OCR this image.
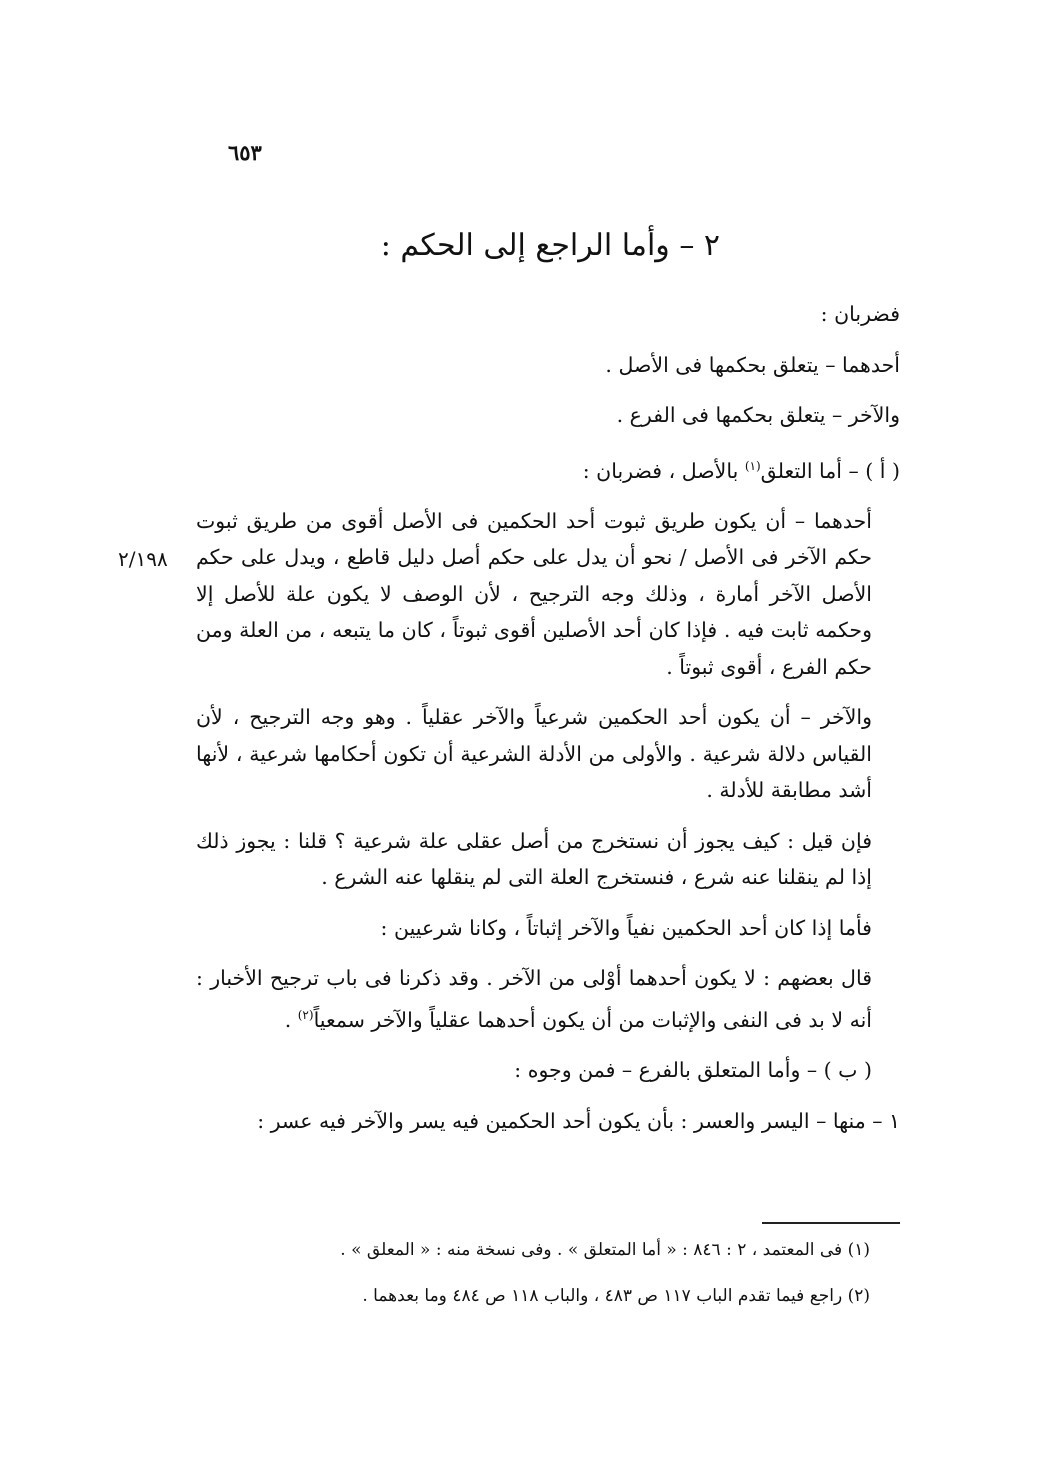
٦٥٣
٢ – وأما الراجع إلى الحكم :
٢/١٩٨

فضربان :

أحدهما – يتعلق بحكمها فى الأصل .

والآخر – يتعلق بحكمها فى الفرع .

( أ ) – أما التعلق$^{(١)}$ بالأصل ، فضربان :

أحدهما – أن يكون طريق ثبوت أحد الحكمين فى الأصل أقوى من طريق ثبوت حكم الآخر فى الأصل / نحو أن يدل على حكم أصل دليل قاطع ، ويدل على حكم الأصل الآخر أمارة ، وذلك وجه الترجيح ، لأن الوصف لا يكون علة للأصل إلا وحكمه ثابت فيه . فإذا كان أحد الأصلين أقوى ثبوتاً ، كان ما يتبعه ، من العلة ومن حكم الفرع ، أقوى ثبوتاً .

والآخر – أن يكون أحد الحكمين شرعياً والآخر عقلياً . وهو وجه الترجيح ، لأن القياس دلالة شرعية . والأولى من الأدلة الشرعية أن تكون أحكامها شرعية ، لأنها أشد مطابقة للأدلة .

فإن قيل : كيف يجوز أن نستخرج من أصل عقلى علة شرعية ؟ قلنا : يجوز ذلك إذا لم ينقلنا عنه شرع ، فنستخرج العلة التى لم ينقلها عنه الشرع .

فأما إذا كان أحد الحكمين نفياً والآخر إثباتاً ، وكانا شرعيين :

قال بعضهم : لا يكون أحدهما أوْلى من الآخر . وقد ذكرنا فى باب ترجيح الأخبار : أنه لا بد فى النفى والإثبات من أن يكون أحدهما عقلياً والآخر سمعياً$^{(٢)}$ .

( ب ) – وأما المتعلق بالفرع – فمن وجوه :

١ – منها – اليسر والعسر : بأن يكون أحد الحكمين فيه يسر والآخر فيه عسر :

(١) فى المعتمد ، ٢ : ٨٤٦ : « أما المتعلق » . وفى نسخة منه : « المعلق » .
(٢) راجع فيما تقدم الباب ١١٧ ص ٤٨٣ ، والباب ١١٨ ص ٤٨٤ وما بعدهما .
